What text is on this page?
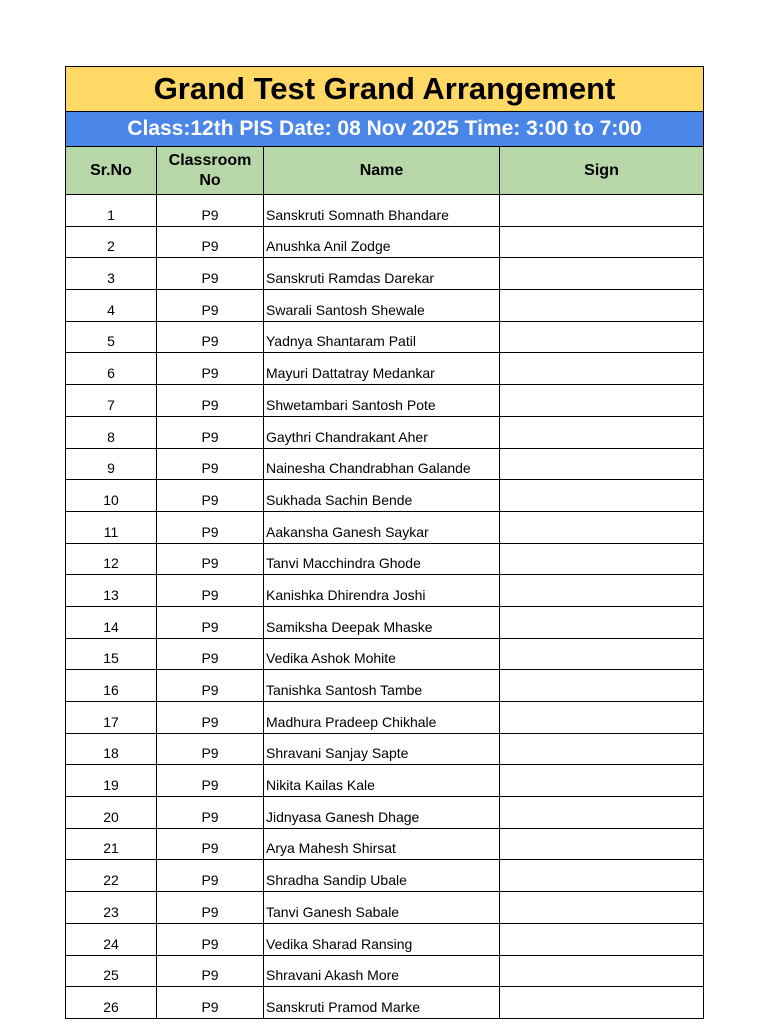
Grand Test Grand Arrangement			
Class:12th PIS Date: 08 Nov 2025 Time: 3:00 to 7:00			
Sr.No	Classroom No	Name	Sign
1	P9	Sanskruti Somnath Bhandare	
2	P9	Anushka Anil Zodge	
3	P9	Sanskruti Ramdas Darekar	
4	P9	Swarali Santosh Shewale	
5	P9	Yadnya Shantaram Patil	
6	P9	Mayuri Dattatray Medankar	
7	P9	Shwetambari Santosh Pote	
8	P9	Gaythri Chandrakant Aher	
9	P9	Nainesha Chandrabhan Galande	
10	P9	Sukhada Sachin Bende	
11	P9	Aakansha Ganesh Saykar	
12	P9	Tanvi Macchindra Ghode	
13	P9	Kanishka Dhirendra Joshi	
14	P9	Samiksha Deepak Mhaske	
15	P9	Vedika Ashok Mohite	
16	P9	Tanishka Santosh Tambe	
17	P9	Madhura Pradeep Chikhale	
18	P9	Shravani Sanjay Sapte	
19	P9	Nikita Kailas Kale	
20	P9	Jidnyasa Ganesh Dhage	
21	P9	Arya Mahesh Shirsat	
22	P9	Shradha Sandip Ubale	
23	P9	Tanvi Ganesh Sabale	
24	P9	Vedika Sharad Ransing	
25	P9	Shravani Akash More	
26	P9	Sanskruti Pramod Marke	
